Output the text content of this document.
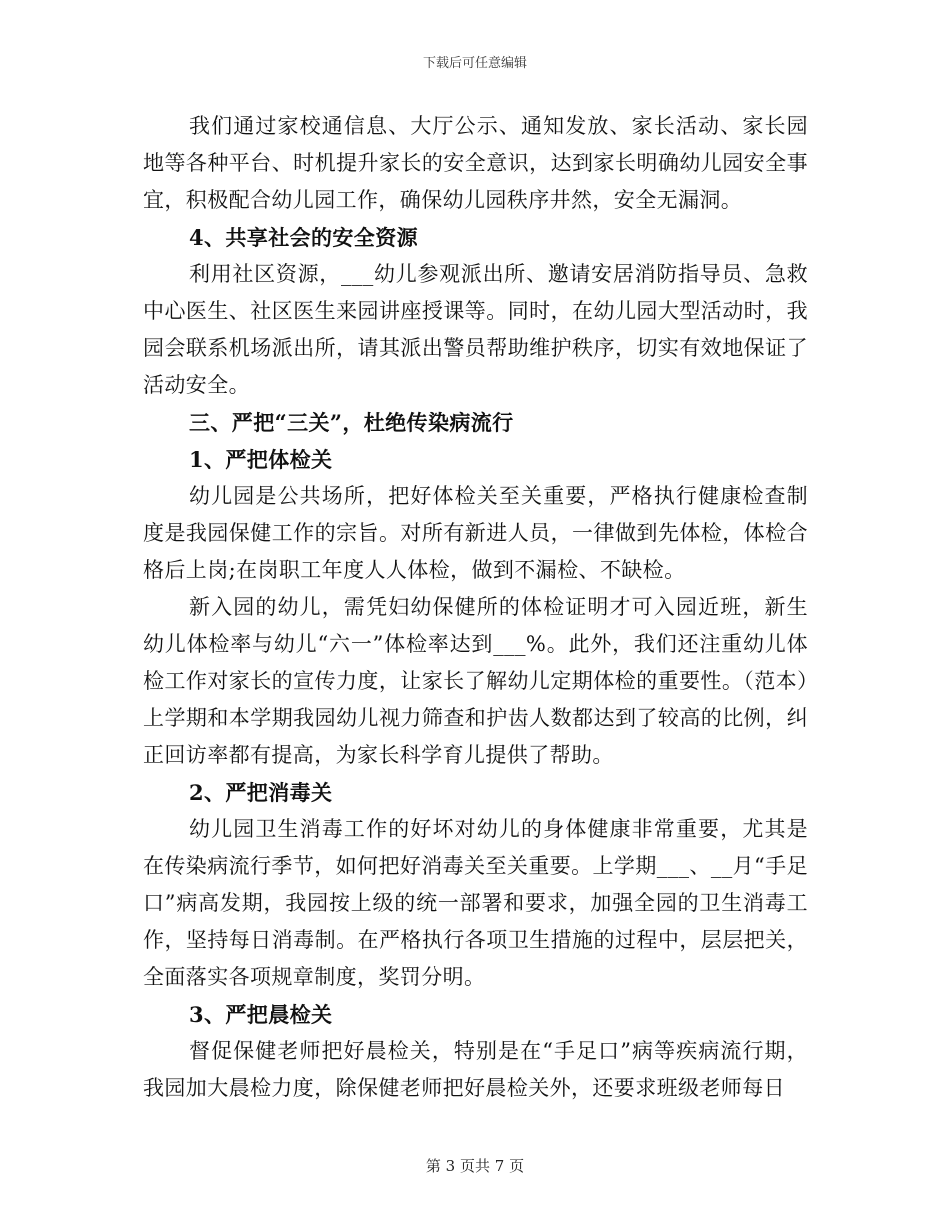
下载后可任意编辑

我们通过家校通信息、大厅公示、通知发放、家长活动、家长园地等各种平台、时机提升家长的安全意识，达到家长明确幼儿园安全事宜，积极配合幼儿园工作，确保幼儿园秩序井然，安全无漏洞。

4、共享社会的安全资源

利用社区资源，___幼儿参观派出所、邀请安居消防指导员、急救中心医生、社区医生来园讲座授课等。同时，在幼儿园大型活动时，我园会联系机场派出所，请其派出警员帮助维护秩序，切实有效地保证了活动安全。

三、严把“三关”，杜绝传染病流行

1、严把体检关

幼儿园是公共场所，把好体检关至关重要，严格执行健康检查制度是我园保健工作的宗旨。对所有新进人员，一律做到先体检，体检合格后上岗;在岗职工年度人人体检，做到不漏检、不缺检。

新入园的幼儿，需凭妇幼保健所的体检证明才可入园近班，新生幼儿体检率与幼儿“六一”体检率达到___%。此外，我们还注重幼儿体检工作对家长的宣传力度，让家长了解幼儿定期体检的重要性。（范本）上学期和本学期我园幼儿视力筛查和护齿人数都达到了较高的比例，纠正回访率都有提高，为家长科学育儿提供了帮助。

2、严把消毒关

幼儿园卫生消毒工作的好坏对幼儿的身体健康非常重要，尤其是在传染病流行季节，如何把好消毒关至关重要。上学期___、__月“手足口”病高发期，我园按上级的统一部署和要求，加强全园的卫生消毒工作，坚持每日消毒制。在严格执行各项卫生措施的过程中，层层把关，全面落实各项规章制度，奖罚分明。

3、严把晨检关

督促保健老师把好晨检关，特别是在“手足口”病等疾病流行期，我园加大晨检力度，除保健老师把好晨检关外，还要求班级老师每日

第 3 页共 7 页
